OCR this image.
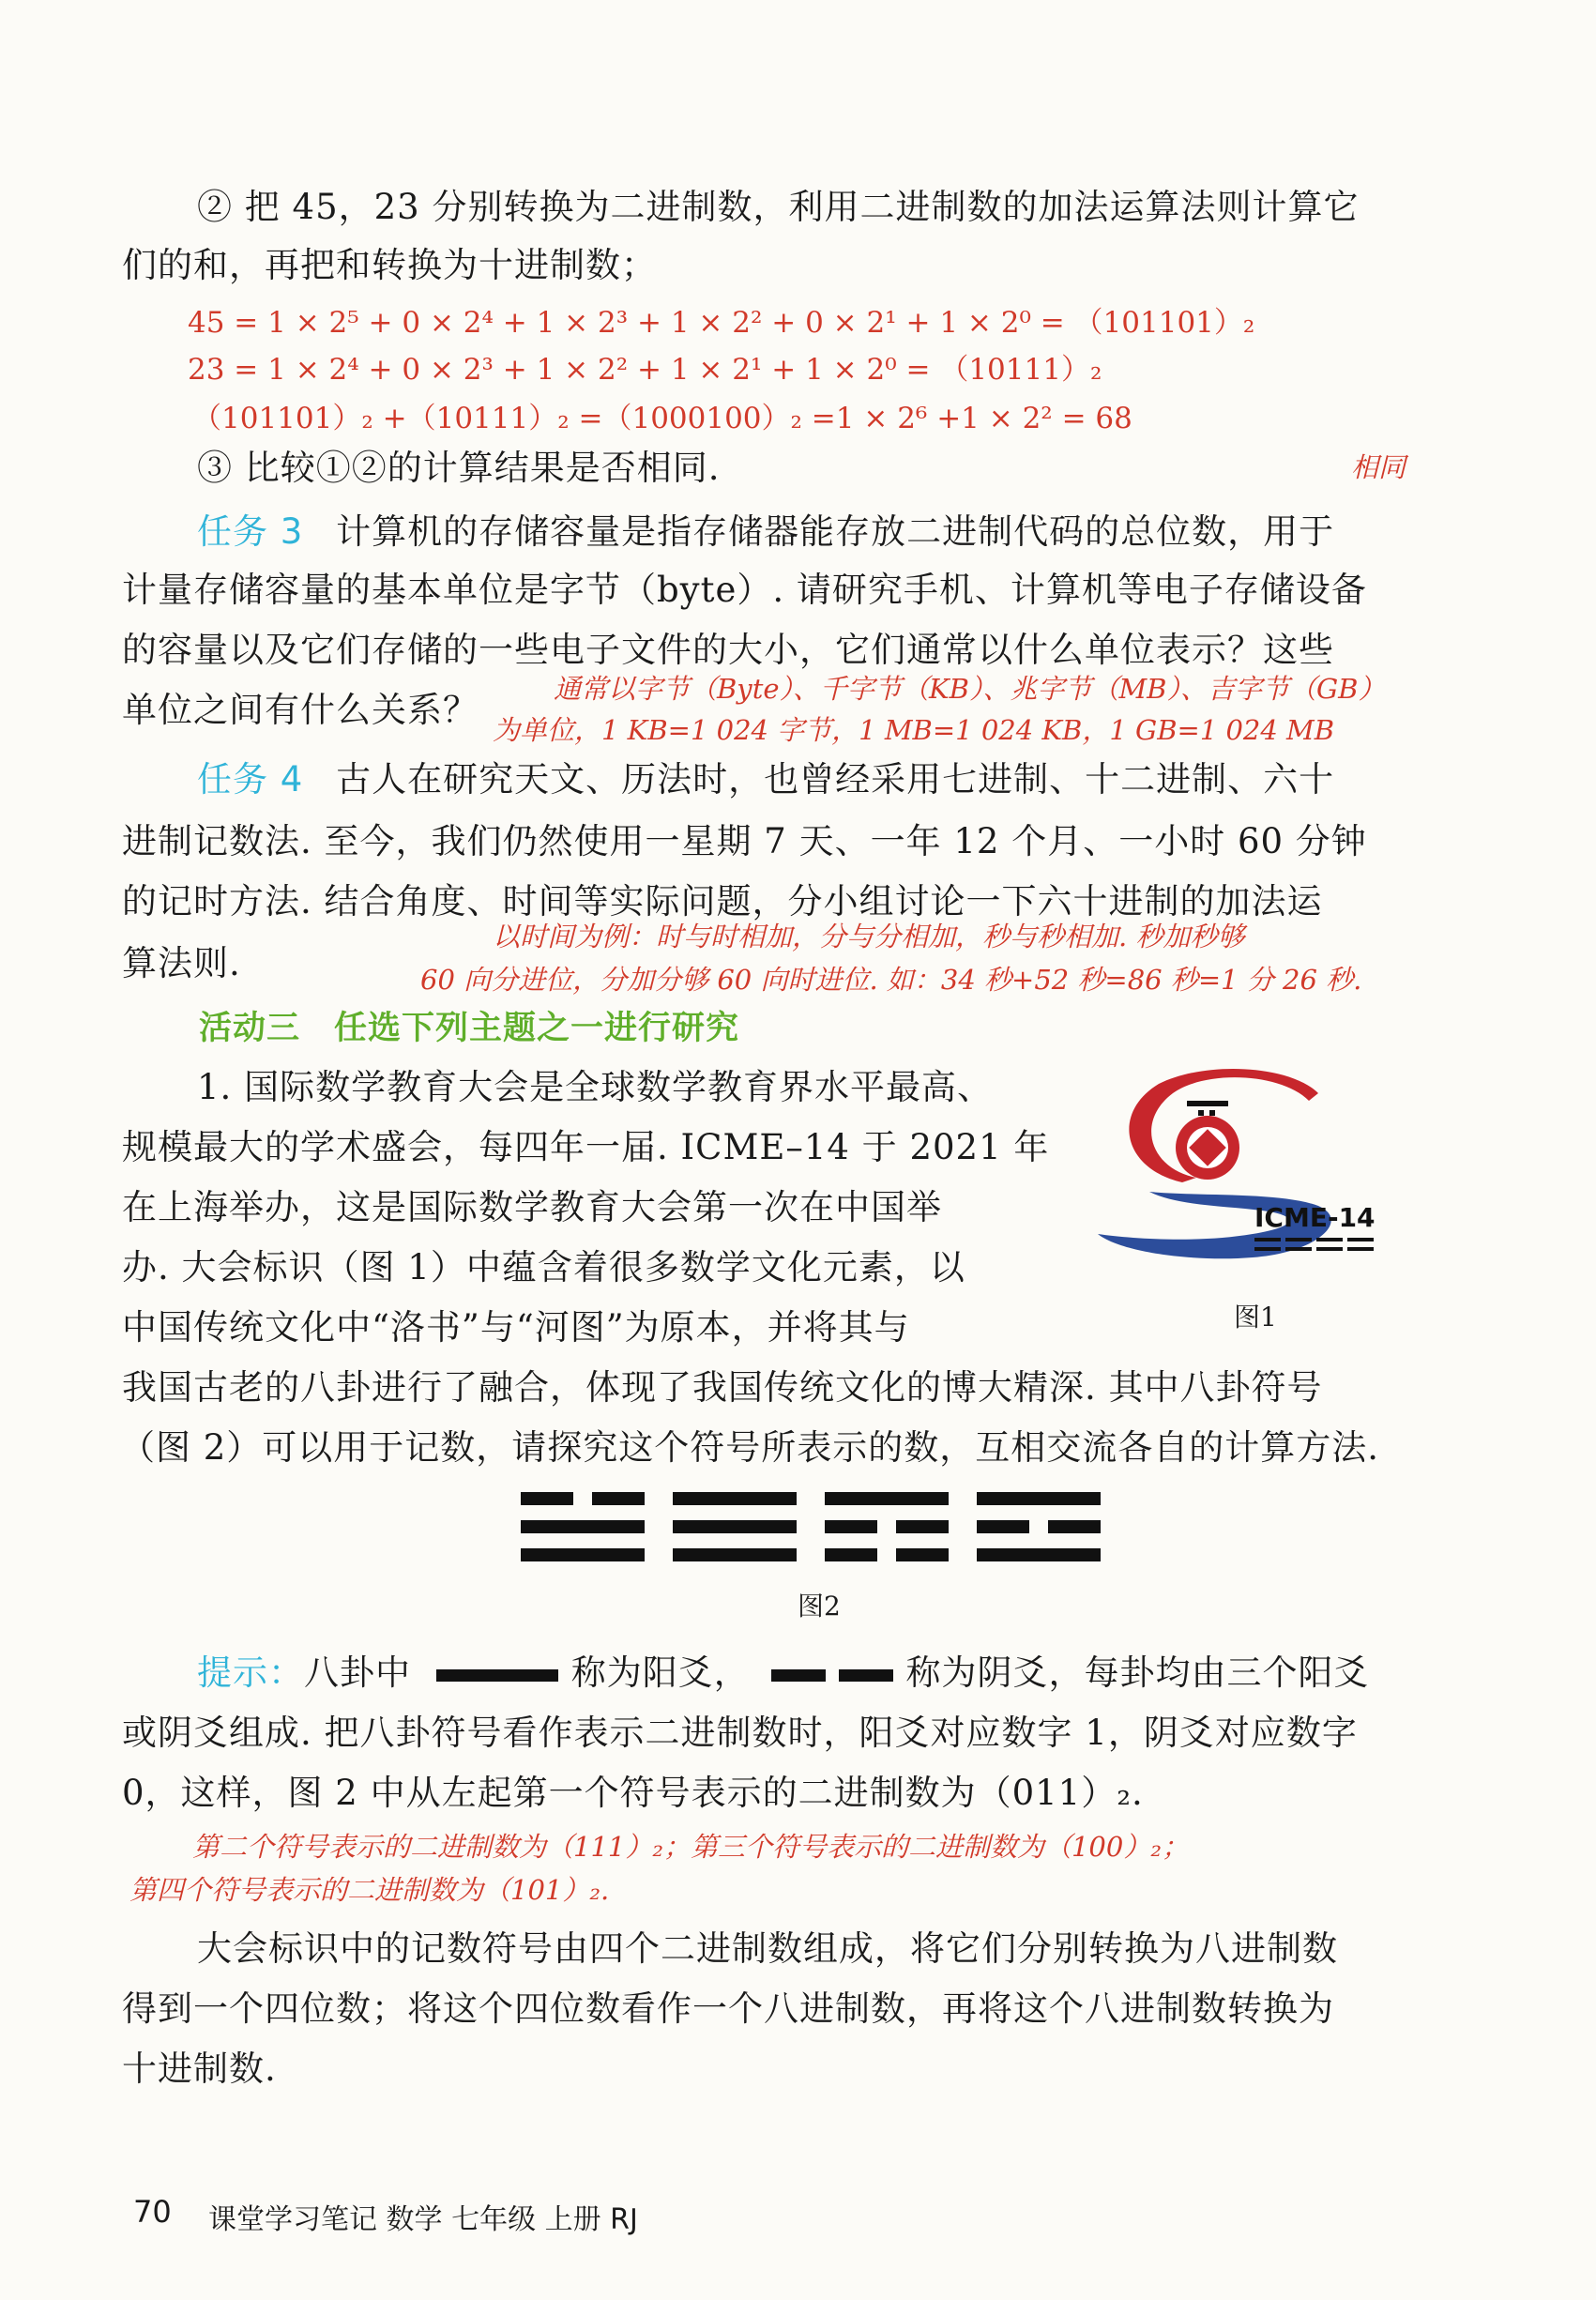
② 把 45，23 分别转换为二进制数，利用二进制数的加法运算法则计算它
们的和，再把和转换为十进制数；
45 = 1 × 2⁵ + 0 × 2⁴ + 1 × 2³ + 1 × 2² + 0 × 2¹ + 1 × 2⁰ = （101101）₂
23 = 1 × 2⁴ + 0 × 2³ + 1 × 2² + 1 × 2¹ + 1 × 2⁰ = （10111）₂
（101101）₂ +（10111）₂ =（1000100）₂ =1 × 2⁶ +1 × 2² = 68
③ 比较①②的计算结果是否相同.	相同
任务 3 计算机的存储容量是指存储器能存放二进制代码的总位数，用于
计量存储容量的基本单位是字节（byte）. 请研究手机、计算机等电子存储设备
的容量以及它们存储的一些电子文件的大小，它们通常以什么单位表示？这些
单位之间有什么关系？
通常以字节（Byte）、千字节（KB）、兆字节（MB）、吉字节（GB）
为单位，1 KB=1 024 字节，1 MB=1 024 KB，1 GB=1 024 MB
任务 4 古人在研究天文、历法时，也曾经采用七进制、十二进制、六十
进制记数法. 至今，我们仍然使用一星期 7 天、一年 12 个月、一小时 60 分钟
的记时方法. 结合角度、时间等实际问题，分小组讨论一下六十进制的加法运
算法则.
以时间为例：时与时相加，分与分相加，秒与秒相加. 秒加秒够
60 向分进位，分加分够 60 向时进位. 如：34 秒+52 秒=86 秒=1 分 26 秒.
活动三　任选下列主题之一进行研究
1. 国际数学教育大会是全球数学教育界水平最高、
规模最大的学术盛会，每四年一届. ICME–14 于 2021 年
在上海举办，这是国际数学教育大会第一次在中国举
办. 大会标识（图 1）中蕴含着很多数学文化元素，以
中国传统文化中“洛书”与“河图”为原本，并将其与
我国古老的八卦进行了融合，体现了我国传统文化的博大精深. 其中八卦符号
（图 2）可以用于记数，请探究这个符号所表示的数，互相交流各自的计算方法.
ICME-14
图1
图2
提示：八卦中	称为阳爻，	称为阴爻，每卦均由三个阳爻
或阴爻组成. 把八卦符号看作表示二进制数时，阳爻对应数字 1，阴爻对应数字
0，这样，图 2 中从左起第一个符号表示的二进制数为（011）₂.
第二个符号表示的二进制数为（111）₂；第三个符号表示的二进制数为（100）₂；
第四个符号表示的二进制数为（101）₂.
大会标识中的记数符号由四个二进制数组成，将它们分别转换为八进制数
得到一个四位数；将这个四位数看作一个八进制数，再将这个八进制数转换为
十进制数.
70 课堂学习笔记 数学 七年级 上册 RJ
